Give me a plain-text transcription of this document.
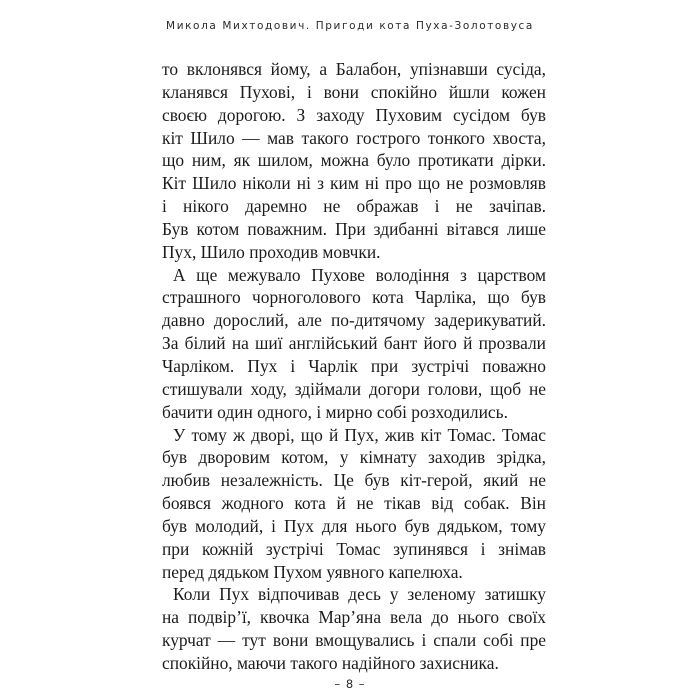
Микола Михтодович. Пригоди кота Пуха-Золотовуса
то вклонявся йому, а Балабон, упізнавши сусіда,
кланявся Пухові, і вони спокійно йшли кожен
своєю дорогою. З заходу Пуховим сусідом був
кіт Шило — мав такого гострого тонкого хвоста,
що ним, як шилом, можна було протикати дірки.
Кіт Шило ніколи ні з ким ні про що не розмовляв
і нікого даремно не ображав і не зачіпав.
Був котом поважним. При здибанні вітався лише
Пух, Шило проходив мовчки.
А ще межувало Пухове володіння з царством
страшного чорноголового кота Чарліка, що був
давно дорослий, але по-дитячому задерикуватий.
За білий на шиї англійський бант його й прозвали
Чарліком. Пух і Чарлік при зустрічі поважно
стишували ходу, здіймали догори голови, щоб не
бачити один одного, і мирно собі розходились.
У тому ж дворі, що й Пух, жив кіт Томас. Томас
був дворовим котом, у кімнату заходив зрідка,
любив незалежність. Це був кіт-герой, який не
боявся жодного кота й не тікав від собак. Він
був молодий, і Пух для нього був дядьком, тому
при кожній зустрічі Томас зупинявся і знімав
перед дядьком Пухом уявного капелюха.
Коли Пух відпочивав десь у зеленому затишку
на подвір’ї, квочка Мар’яна вела до нього своїх
курчат — тут вони вмощувались і спали собі пре
спокійно, маючи такого надійного захисника.
– 8 –
